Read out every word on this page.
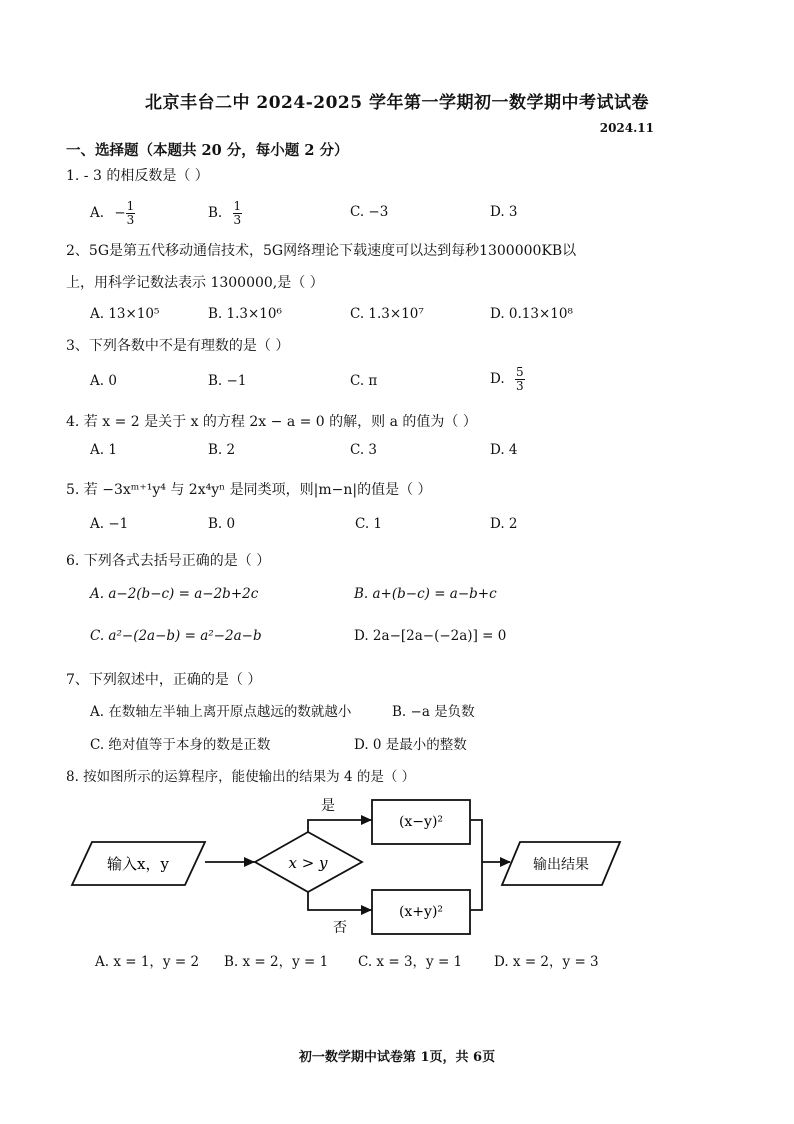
北京丰台二中 2024-2025 学年第一学期初一数学期中考试试卷
2024.11
一、选择题（本题共 20 分，每小题 2 分）
1. - 3 的相反数是（ ）
A. − $\frac{1}{3}$	B. $\frac{1}{3}$	C. −3	D. 3
2、5G是第五代移动通信技术，5G网络理论下载速度可以达到每秒1300000KB以
上，用科学记数法表示 1300000,是（ ）
A. 13×10⁵	B. 1.3×10⁶	C. 1.3×10⁷	D. 0.13×10⁸
3、下列各数中不是有理数的是（ ）
A. 0	B. −1	C. π	D. $\frac{5}{3}$
4. 若 x = 2 是关于 x 的方程 2x − a = 0 的解，则 a 的值为（ ）
A. 1	B. 2	C. 3	D. 4
5. 若 −3xᵐ⁺¹y⁴ 与 2x⁴yⁿ 是同类项，则|m−n|的值是（ ）
A. −1	B. 0	C. 1	D. 2
6. 下列各式去括号正确的是（ ）
A. a−2(b−c) = a−2b+2c	B. a+(b−c) = a−b+c
C. a²−(2a−b) = a²−2a−b	D. 2a−[2a−(−2a)] = 0
7、下列叙述中，正确的是（ ）
A. 在数轴左半轴上离开原点越远的数就越小	B. −a 是负数
C. 绝对值等于本身的数是正数	D. 0 是最小的整数
8. 按如图所示的运算程序，能使输出的结果为 4 的是（ ）
输入x，y	x > y
是
否
(x−y)²
(x+y)²
输出结果
A. x = 1，y = 2 B. x = 2，y = 1 C. x = 3，y = 1 D. x = 2，y = 3
初一数学期中试卷第 1页，共 6页
